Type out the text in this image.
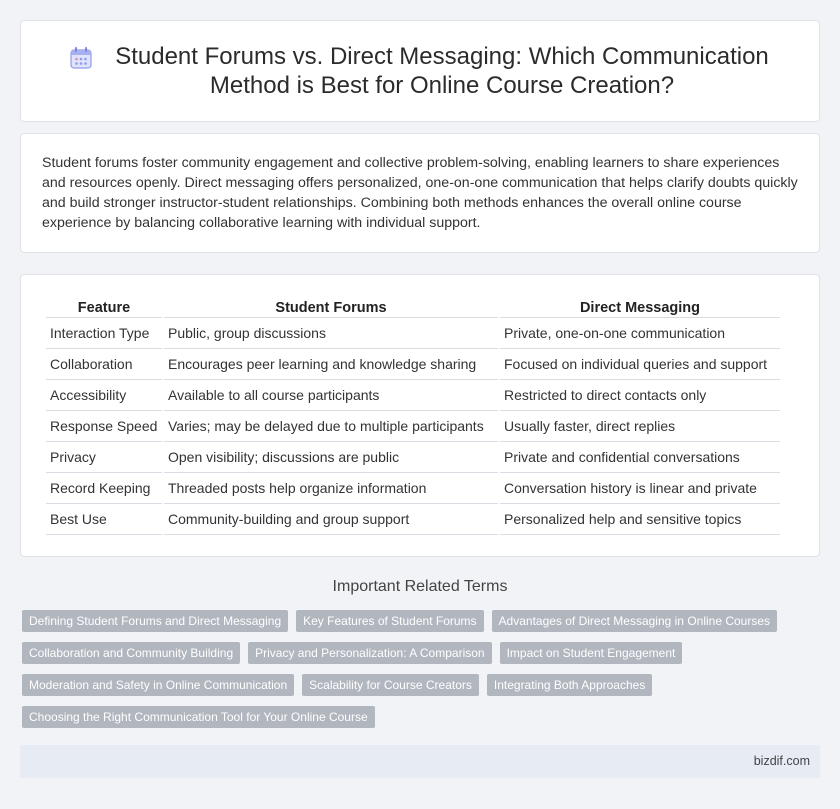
Student Forums vs. Direct Messaging: Which Communication Method is Best for Online Course Creation?

Student forums foster community engagement and collective problem-solving, enabling learners to share experiences and resources openly. Direct messaging offers personalized, one-on-one communication that helps clarify doubts quickly and build stronger instructor-student relationships. Combining both methods enhances the overall online course experience by balancing collaborative learning with individual support.

Feature	Student Forums	Direct Messaging
Interaction Type	Public, group discussions	Private, one-on-one communication
Collaboration	Encourages peer learning and knowledge sharing	Focused on individual queries and support
Accessibility	Available to all course participants	Restricted to direct contacts only
Response Speed	Varies; may be delayed due to multiple participants	Usually faster, direct replies
Privacy	Open visibility; discussions are public	Private and confidential conversations
Record Keeping	Threaded posts help organize information	Conversation history is linear and private
Best Use	Community-building and group support	Personalized help and sensitive topics
Important Related Terms
Defining Student Forums and Direct Messaging	Key Features of Student Forums	Advantages of Direct Messaging in Online Courses
Collaboration and Community Building	Privacy and Personalization: A Comparison	Impact on Student Engagement
Moderation and Safety in Online Communication	Scalability for Course Creators	Integrating Both Approaches
Choosing the Right Communication Tool for Your Online Course
bizdif.com
